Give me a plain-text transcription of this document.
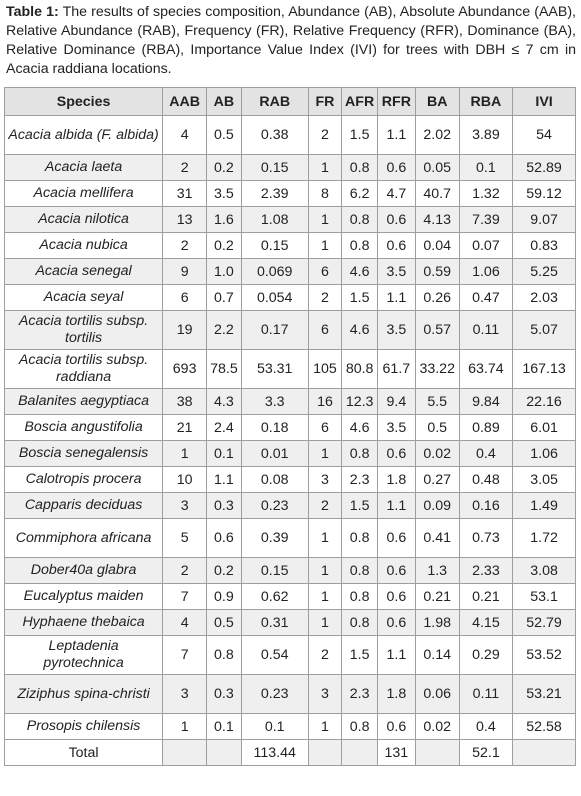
Table 1: The results of species composition, Abundance (AB), Absolute Abundance (AAB), Relative Abundance (RAB), Frequency (FR), Relative Frequency (RFR), Dominance (BA), Relative Dominance (RBA), Importance Value Index (IVI) for trees with DBH ≤ 7 cm in Acacia raddiana locations.
Species	AAB	AB	RAB	FR	AFR	RFR	BA	RBA	IVI
Acacia albida (F. albida)	4	0.5	0.38	2	1.5	1.1	2.02	3.89	54
Acacia laeta	2	0.2	0.15	1	0.8	0.6	0.05	0.1	52.89
Acacia mellifera	31	3.5	2.39	8	6.2	4.7	40.7	1.32	59.12
Acacia nilotica	13	1.6	1.08	1	0.8	0.6	4.13	7.39	9.07
Acacia nubica	2	0.2	0.15	1	0.8	0.6	0.04	0.07	0.83
Acacia senegal	9	1.0	0.069	6	4.6	3.5	0.59	1.06	5.25
Acacia seyal	6	0.7	0.054	2	1.5	1.1	0.26	0.47	2.03
Acacia tortilis subsp. tortilis	19	2.2	0.17	6	4.6	3.5	0.57	0.11	5.07
Acacia tortilis subsp. raddiana	693	78.5	53.31	105	80.8	61.7	33.22	63.74	167.13
Balanites aegyptiaca	38	4.3	3.3	16	12.3	9.4	5.5	9.84	22.16
Boscia angustifolia	21	2.4	0.18	6	4.6	3.5	0.5	0.89	6.01
Boscia senegalensis	1	0.1	0.01	1	0.8	0.6	0.02	0.4	1.06
Calotropis procera	10	1.1	0.08	3	2.3	1.8	0.27	0.48	3.05
Capparis deciduas	3	0.3	0.23	2	1.5	1.1	0.09	0.16	1.49
Commiphora africana	5	0.6	0.39	1	0.8	0.6	0.41	0.73	1.72
Dober40a glabra	2	0.2	0.15	1	0.8	0.6	1.3	2.33	3.08
Eucalyptus maiden	7	0.9	0.62	1	0.8	0.6	0.21	0.21	53.1
Hyphaene thebaica	4	0.5	0.31	1	0.8	0.6	1.98	4.15	52.79
Leptadenia pyrotechnica	7	0.8	0.54	2	1.5	1.1	0.14	0.29	53.52
Ziziphus spina-christi	3	0.3	0.23	3	2.3	1.8	0.06	0.11	53.21
Prosopis chilensis	1	0.1	0.1	1	0.8	0.6	0.02	0.4	52.58
Total			113.44			131		52.1	
